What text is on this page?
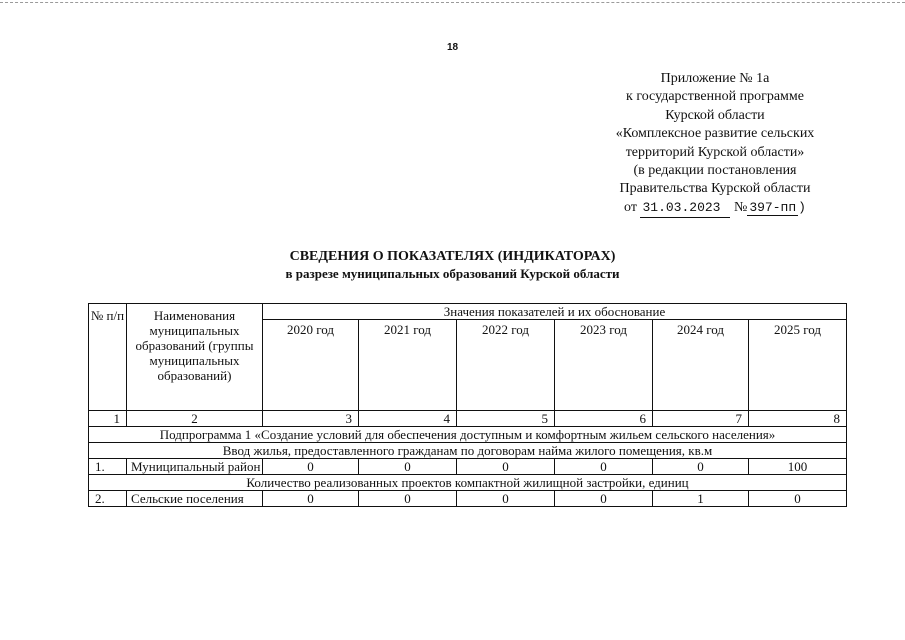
18
Приложение № 1а
к государственной программе
Курской области
«Комплексное развитие сельских
территорий Курской области»
(в редакции постановления
Правительства Курской области
от 31.03.2023 № 397-пп )
СВЕДЕНИЯ О ПОКАЗАТЕЛЯХ (ИНДИКАТОРАХ)
в разрезе муниципальных образований Курской области
№ п/п	Наименования муниципальных образований (группы муниципальных образований)	Значения показателей и их обоснование					
		2020 год	2021 год	2022 год	2023 год	2024 год	2025 год
1	2	3	4	5	6	7	8
Подпрограмма 1 «Создание условий для обеспечения доступным и комфортным жильем сельского населения»							
Ввод жилья, предоставленного гражданам по договорам найма жилого помещения, кв.м							
1.	Муниципальный район	0	0	0	0	0	100
Количество реализованных проектов компактной жилищной застройки, единиц							
2.	Сельские поселения	0	0	0	0	1	0
